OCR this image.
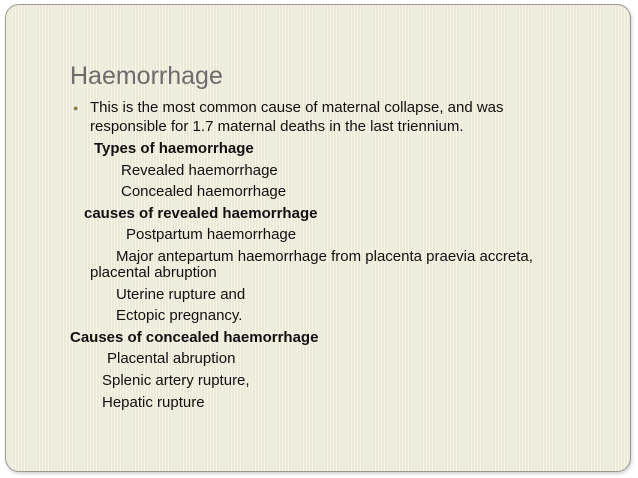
Haemorrhage
● This is the most common cause of maternal collapse, and was

responsible for 1.7 maternal deaths in the last triennium.

Types of haemorrhage

Revealed haemorrhage

Concealed haemorrhage

causes of revealed haemorrhage

Postpartum haemorrhage

Major antepartum haemorrhage from placenta praevia accreta,

placental abruption

Uterine rupture and

Ectopic pregnancy.

Causes of concealed haemorrhage

Placental abruption

Splenic artery rupture,

Hepatic rupture
